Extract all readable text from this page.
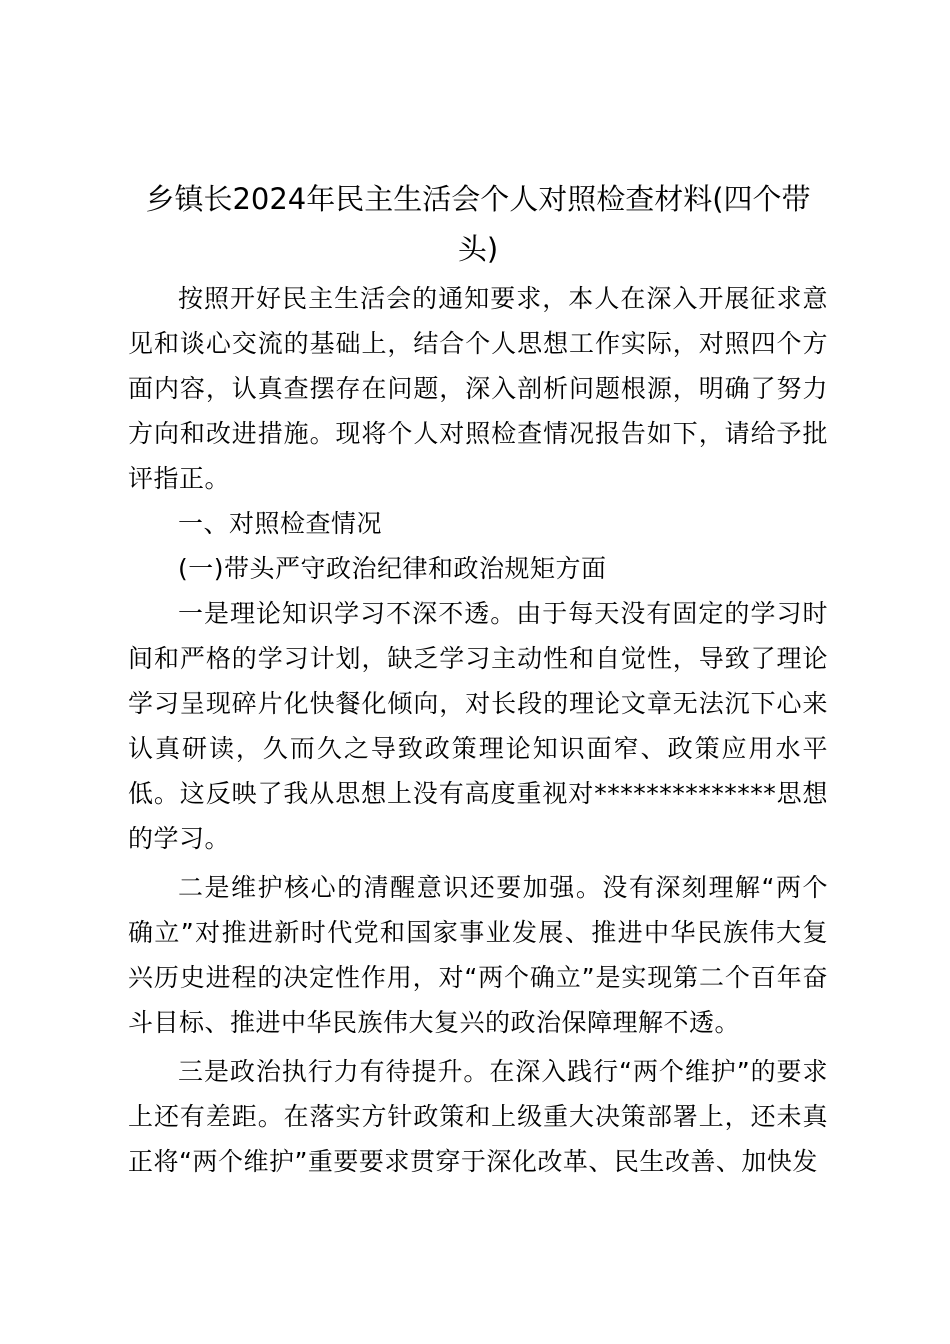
乡镇长2024年民主生活会个人对照检查材料(四个带头)

按照开好民主生活会的通知要求，本人在深入开展征求意见和谈心交流的基础上，结合个人思想工作实际，对照四个方面内容，认真查摆存在问题，深入剖析问题根源，明确了努力方向和改进措施。现将个人对照检查情况报告如下，请给予批评指正。

一、对照检查情况

(一)带头严守政治纪律和政治规矩方面

一是理论知识学习不深不透。由于每天没有固定的学习时间和严格的学习计划，缺乏学习主动性和自觉性，导致了理论学习呈现碎片化快餐化倾向，对长段的理论文章无法沉下心来认真研读，久而久之导致政策理论知识面窄、政策应用水平低。这反映了我从思想上没有高度重视对**************思想的学习。

二是维护核心的清醒意识还要加强。没有深刻理解“两个确立”对推进新时代党和国家事业发展、推进中华民族伟大复兴历史进程的决定性作用，对“两个确立”是实现第二个百年奋斗目标、推进中华民族伟大复兴的政治保障理解不透。

三是政治执行力有待提升。在深入践行“两个维护”的要求上还有差距。在落实方针政策和上级重大决策部署上，还未真正将“两个维护”重要要求贯穿于深化改革、民生改善、加快发
